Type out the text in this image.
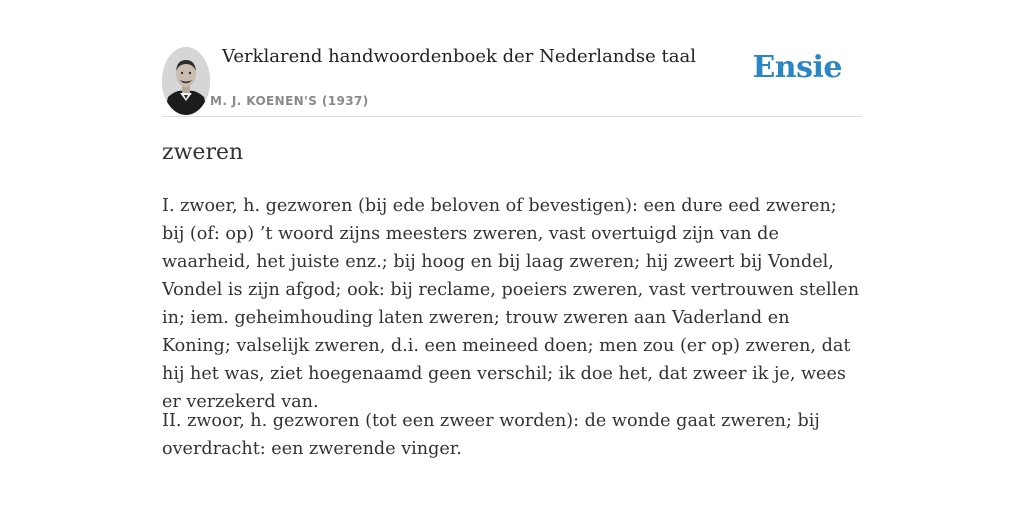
Verklarend handwoordenboek der Nederlandse taal
M. J. KOENEN'S (1937)
Ensie
zweren

I. zwoer, h. gezworen (bij ede beloven of bevestigen): een dure eed zweren; bij (of: op) ’t woord zijns meesters zweren, vast overtuigd zijn van de waarheid, het juiste enz.; bij hoog en bij laag zweren; hij zweert bij Vondel, Vondel is zijn afgod; ook: bij reclame, poeiers zweren, vast vertrouwen stellen in; iem. geheimhouding laten zweren; trouw zweren aan Vaderland en Koning; valselijk zweren, d.i. een meineed doen; men zou (er op) zweren, dat hij het was, ziet hoegenaamd geen verschil; ik doe het, dat zweer ik je, wees er verzekerd van.

II. zwoor, h. gezworen (tot een zweer worden): de wonde gaat zweren; bij overdracht: een zwerende vinger.
